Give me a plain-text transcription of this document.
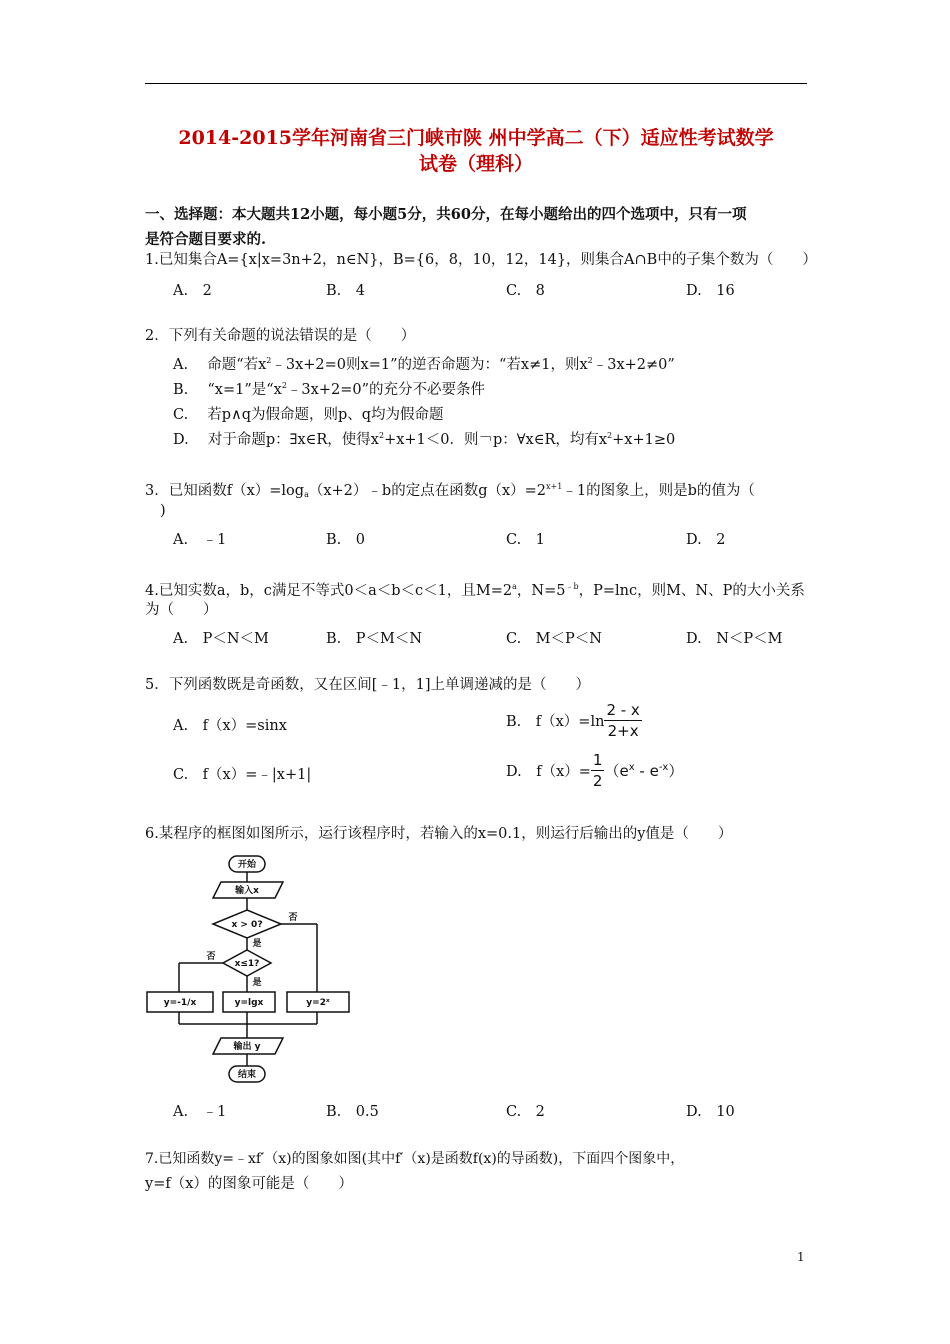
2014-2015学年河南省三门峡市陕 州中学高二（下）适应性考试数学
试卷（理科）
一、选择题：本大题共12小题，每小题5分，共60分，在每小题给出的四个选项中，只有一项
是符合题目要求的.
1.已知集合A={x|x=3n+2，n∈N}，B={6，8，10，12，14}，则集合A∩B中的子集个数为（　　）
A.　2	B.　4	C.　8	D.　16
2．下列有关命题的说法错误的是（　　）
A.　 命题“若$x^2﹣3x+2=0$则x=1”的逆否命题为：“若x≠1，则$x^2﹣3x+2\ne 0$”
B.　 “x=1”是“$x^2﹣3x+2=0$”的充分不必要条件
C.　 若p∧q为假命题，则p、q均为假命题
D.　 对于命题p：∃x∈R，使得$x^2+x+1<0$．则￢p：∀x∈R，均有$x^2+x+1\ge 0$
3．已知函数$f(x)=\log_a(x+2)﹣b$的定点在函数$g(x)=2^{x+1}﹣1$的图象上，则是b的值为（
)
A.　﹣1	B.　0	C.　1	D.　2
4.已知实数a，b，c满足不等式0＜a＜b＜c＜1，且$M=2^a$，$N=5^{﹣b}$，P=lnc，则M、N、P的大小关系
为（　　）
A.　P＜N＜M	B.　P＜M＜N	C.　M＜P＜N	D.　N＜P＜M
5．下列函数既是奇函数，又在区间[﹣1，1]上单调递减的是（　　）
A.　f（x）=sinx	B.　$f(x)=\ln \frac{2 - x}{2+x}$
C.　f（x）=﹣|x+1|	D.　$f(x)= \frac{1}{2} (e^x - e^{-x})$
6.某程序的框图如图所示，运行该程序时，若输入的x=0.1，则运行后输出的y值是（　　）
开始
输入x
x > 0?
否
是
x≤1?
否
是
y=-1/x	y=lgx	y=2ˣ
输出 y
结束
A.　﹣1	B.　0.5	C.　2	D.　10
7.已知函数y=﹣xf′（x)的图象如图(其中f′（x)是函数f(x)的导函数)，下面四个图象中，
y=f（x）的图象可能是（　　）
1
